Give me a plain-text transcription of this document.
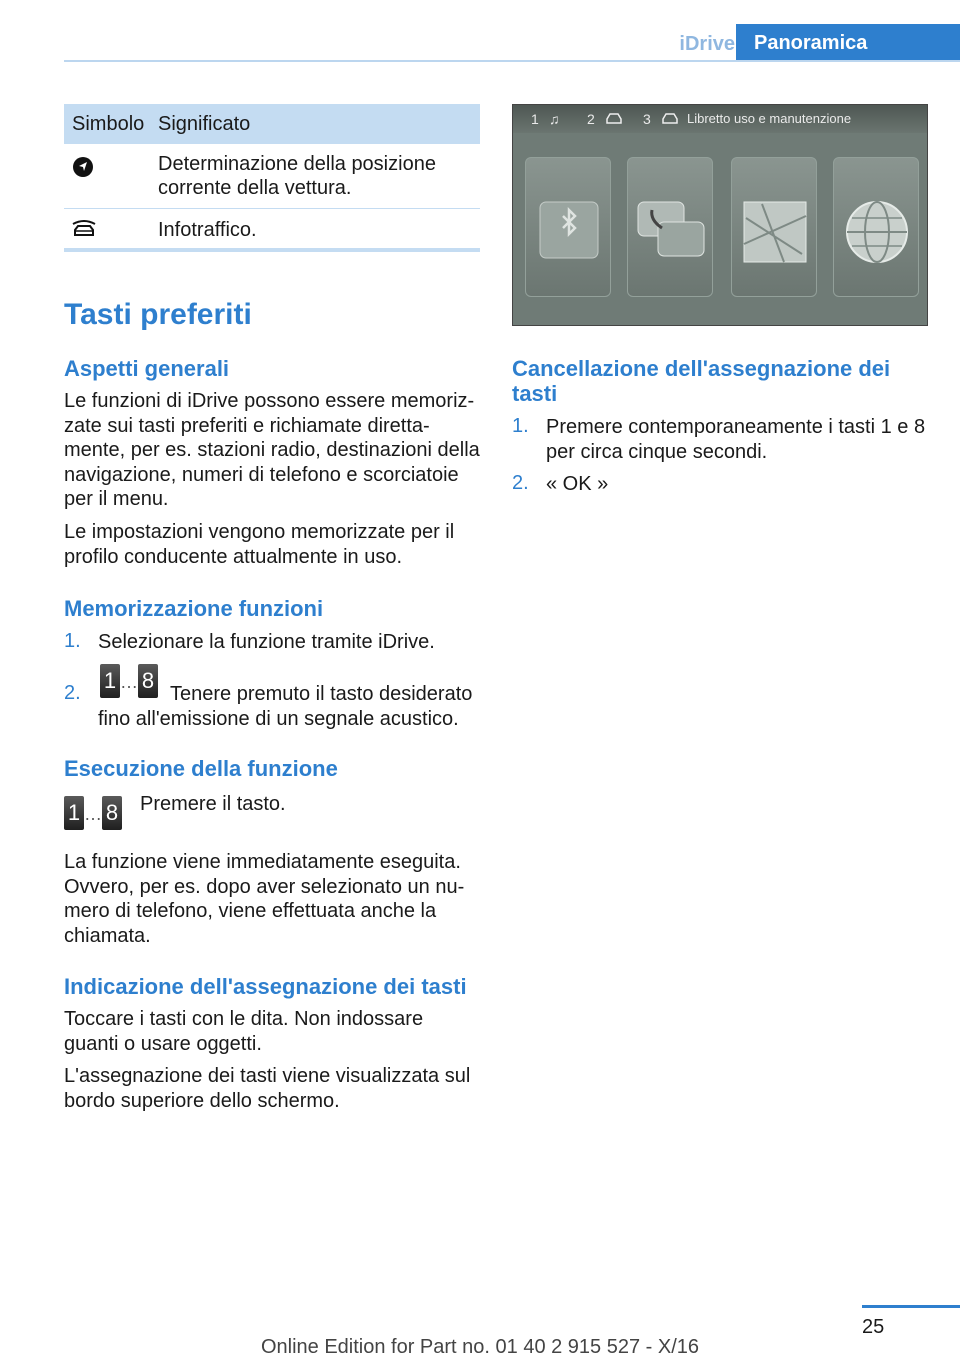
iDrive Panoramica
Simbolo Significato
Determinazione della posizione corrente della vettura.
Infotraffico.
Tasti preferiti
Aspetti generali
Le funzioni di iDrive possono essere memorizzate sui tasti preferiti e richiamate direttamente, per es. stazioni radio, destinazioni della navigazione, numeri di telefono e scorciatoie per il menu.
Le impostazioni vengono memorizzate per il profilo conducente attualmente in uso.
Memorizzazione funzioni
1. Selezionare la funzione tramite iDrive.
2. 1 … 8
Tenere premuto il tasto desiderato fino all'emissione di un segnale acustico.
Esecuzione della funzione
1 … 8 Premere il tasto.
La funzione viene immediatamente eseguita. Ovvero, per es. dopo aver selezionato un numero di telefono, viene effettuata anche la chiamata.
Indicazione dell'assegnazione dei tasti
Toccare i tasti con le dita. Non indossare guanti o usare oggetti.
L'assegnazione dei tasti viene visualizzata sul bordo superiore dello schermo.
1 ♫ 2	3	Libretto uso e manutenzione
Cancellazione dell'assegnazione dei tasti
1. Premere contemporaneamente i tasti 1 e 8 per circa cinque secondi.
2. « OK »
25
Online Edition for Part no. 01 40 2 915 527 - X/16
